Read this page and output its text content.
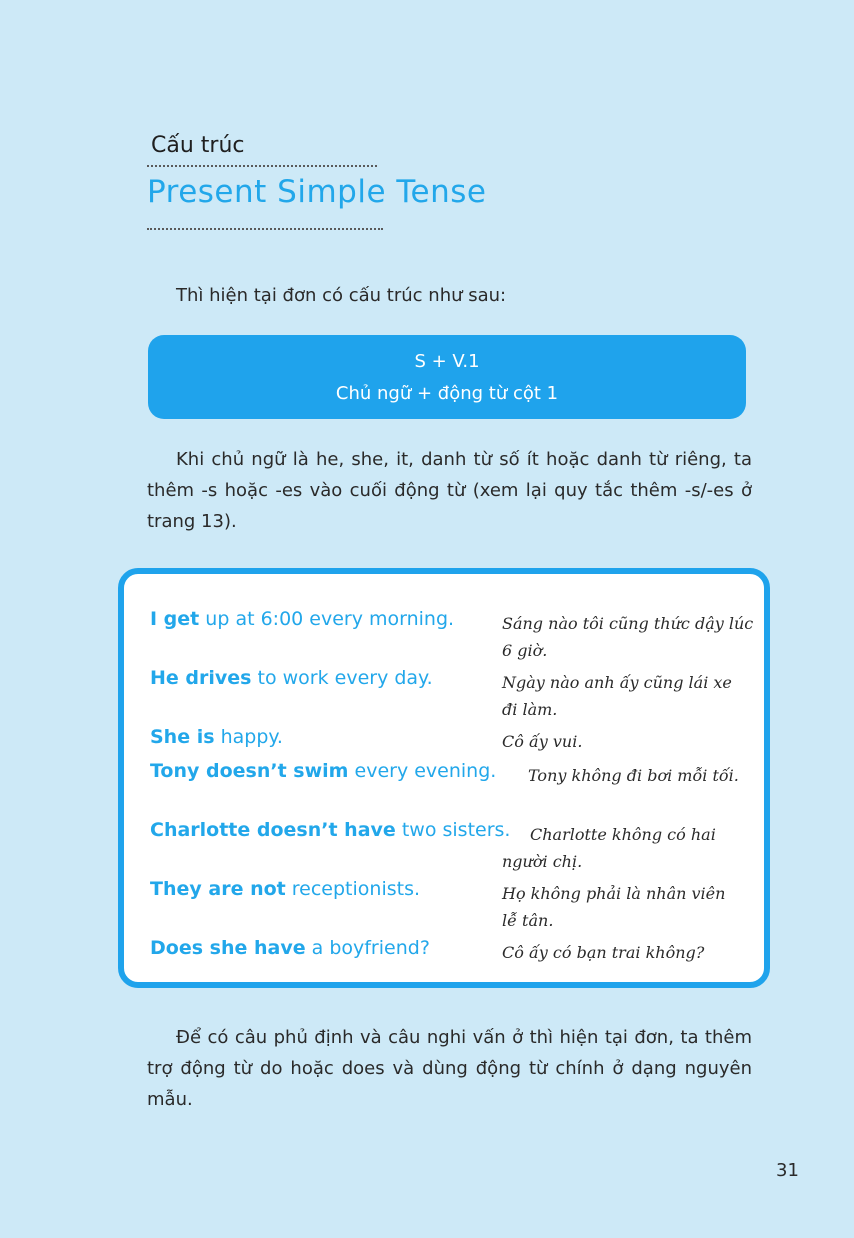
Cấu trúc
Present Simple Tense
Thì hiện tại đơn có cấu trúc như sau:
S + V.1
Chủ ngữ + động từ cột 1

Khi chủ ngữ là he, she, it, danh từ số ít hoặc danh từ riêng, ta thêm -s hoặc -es vào cuối động từ (xem lại quy tắc thêm -s/-es ở trang 13).

I get up at 6:00 every morning.	Sáng nào tôi cũng thức dậy lúc 6 giờ.
He drives to work every day.	Ngày nào anh ấy cũng lái xe đi làm.
She is happy.	Cô ấy vui.
Tony doesn’t swim every evening.	Tony không đi bơi mỗi tối.
Charlotte doesn’t have two sisters.	Charlotte không có hai người chị.
They are not receptionists.	Họ không phải là nhân viên lễ tân.
Does she have a boyfriend?	Cô ấy có bạn trai không?

Để có câu phủ định và câu nghi vấn ở thì hiện tại đơn, ta thêm trợ động từ do hoặc does và dùng động từ chính ở dạng nguyên mẫu.

31
